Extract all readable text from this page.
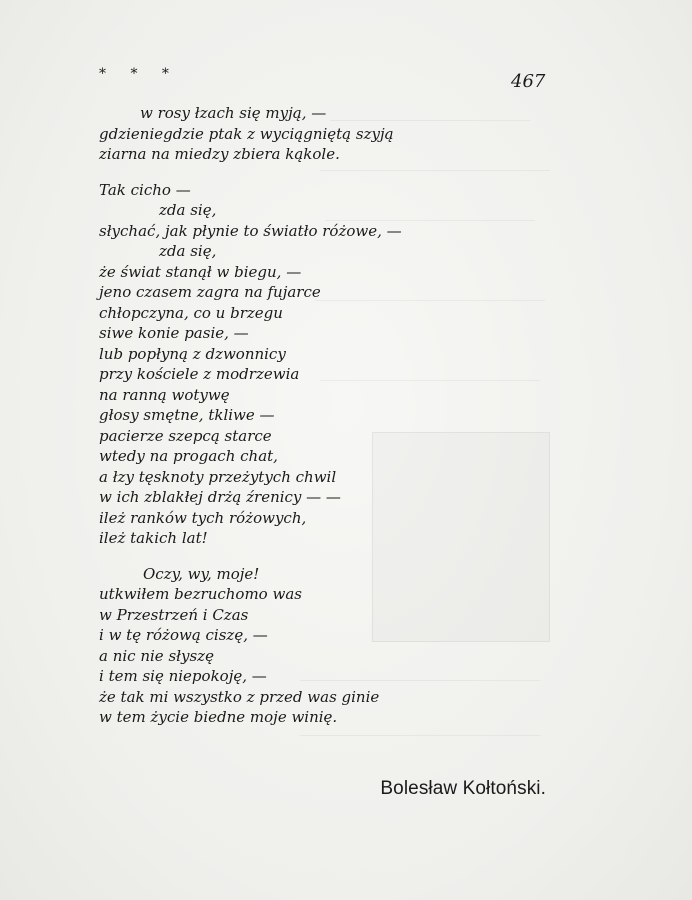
* * *	467
w rosy łzach się myją, —
gdzieniegdzie ptak z wyciągniętą szyją
ziarna na miedzy zbiera kąkole.
Tak cicho —
zda się,
słychać, jak płynie to światło różowe, —
zda się,
że świat stanął w biegu, —
jeno czasem zagra na fujarce
chłopczyna, co u brzegu
siwe konie pasie, —
lub popłyną z dzwonnicy
przy kościele z modrzewia
na ranną wotywę
głosy smętne, tkliwe —
pacierze szepcą starce
wtedy na progach chat,
a łzy tęsknoty przeżytych chwil
w ich zblakłej drżą źrenicy — —
ileż ranków tych różowych,
ileż takich lat!
Oczy, wy, moje!
utkwiłem bezruchomo was
w Przestrzeń i Czas
i w tę różową ciszę, —
a nic nie słyszę
i tem się niepokoję, —
że tak mi wszystko z przed was ginie
w tem życie biedne moje winię.
Bolesław Kołtoński.
